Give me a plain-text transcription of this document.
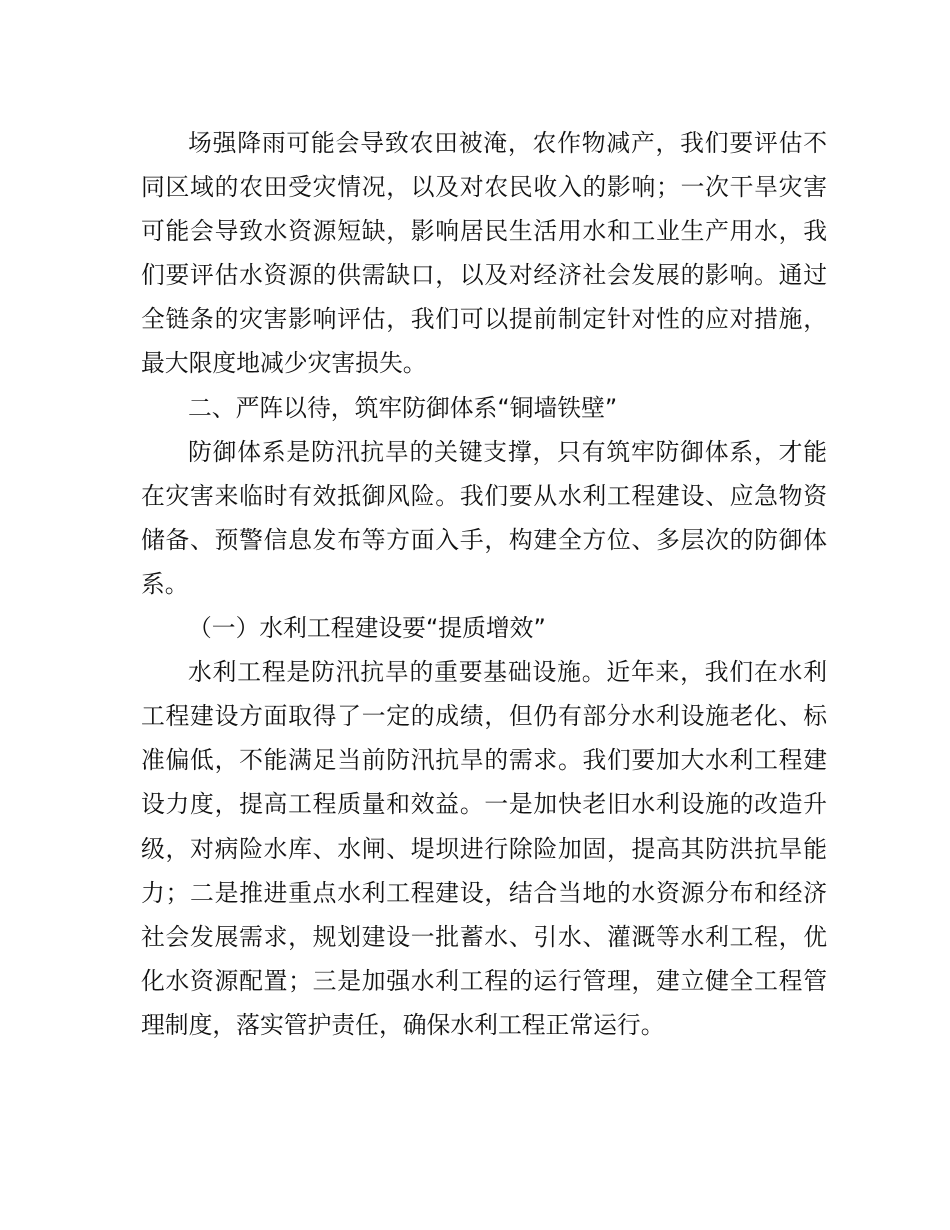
场强降雨可能会导致农田被淹，农作物减产，我们要评估不同区域的农田受灾情况，以及对农民收入的影响；一次干旱灾害可能会导致水资源短缺，影响居民生活用水和工业生产用水，我们要评估水资源的供需缺口，以及对经济社会发展的影响。通过全链条的灾害影响评估，我们可以提前制定针对性的应对措施，最大限度地减少灾害损失。

二、严阵以待，筑牢防御体系“铜墙铁壁”

防御体系是防汛抗旱的关键支撑，只有筑牢防御体系，才能在灾害来临时有效抵御风险。我们要从水利工程建设、应急物资储备、预警信息发布等方面入手，构建全方位、多层次的防御体系。

（一）水利工程建设要“提质增效”

水利工程是防汛抗旱的重要基础设施。近年来，我们在水利工程建设方面取得了一定的成绩，但仍有部分水利设施老化、标准偏低，不能满足当前防汛抗旱的需求。我们要加大水利工程建设力度，提高工程质量和效益。一是加快老旧水利设施的改造升级，对病险水库、水闸、堤坝进行除险加固，提高其防洪抗旱能力；二是推进重点水利工程建设，结合当地的水资源分布和经济社会发展需求，规划建设一批蓄水、引水、灌溉等水利工程，优化水资源配置；三是加强水利工程的运行管理，建立健全工程管理制度，落实管护责任，确保水利工程正常运行。
